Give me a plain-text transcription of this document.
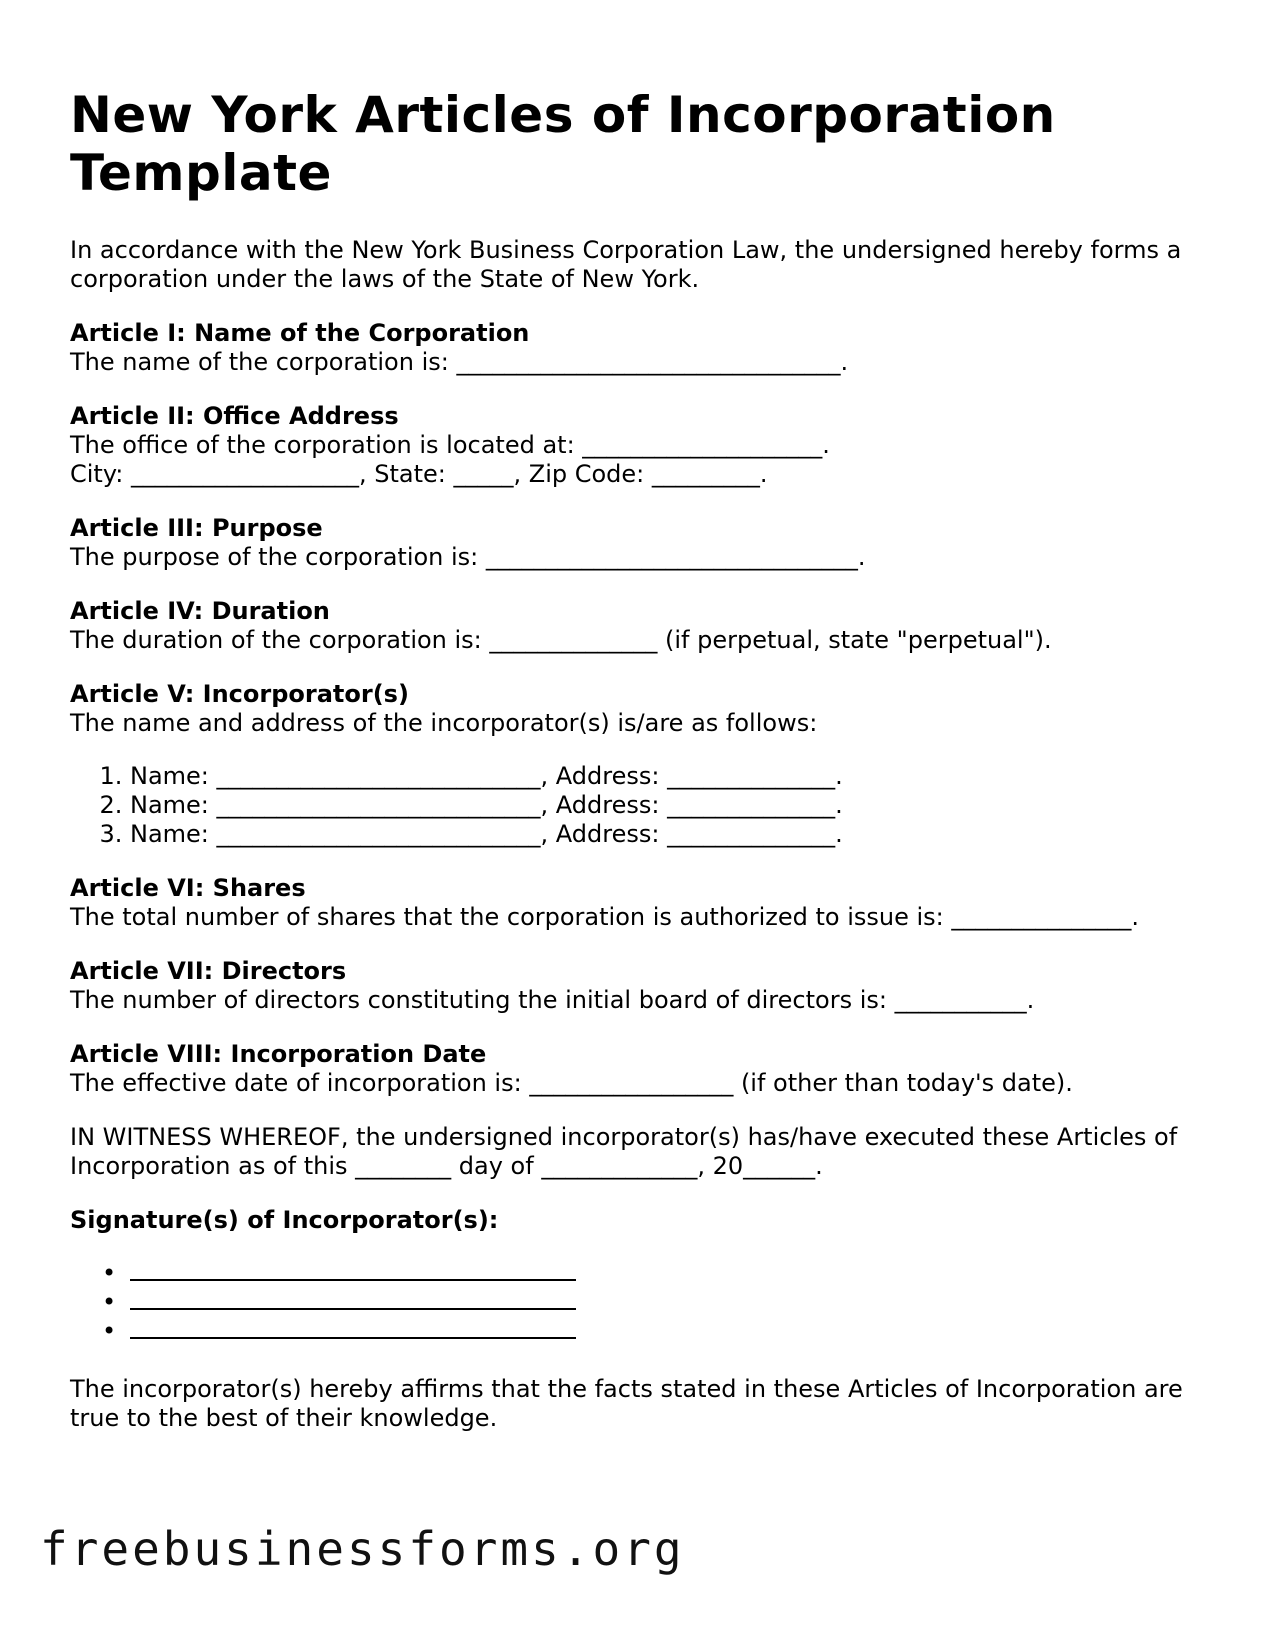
New York Articles of Incorporation Template

In accordance with the New York Business Corporation Law, the undersigned hereby forms a corporation under the laws of the State of New York.

Article I: Name of the Corporation
The name of the corporation is: ________________________________.
Article II: Office Address
The office of the corporation is located at: ____________________.
City: ___________________, State: _____, Zip Code: _________.
Article III: Purpose
The purpose of the corporation is: _______________________________.
Article IV: Duration
The duration of the corporation is: ______________ (if perpetual, state "perpetual").
Article V: Incorporator(s)
The name and address of the incorporator(s) is/are as follows:
1. Name: ___________________________, Address: ______________.
2. Name: ___________________________, Address: ______________.
3. Name: ___________________________, Address: ______________.
Article VI: Shares
The total number of shares that the corporation is authorized to issue is: _______________.
Article VII: Directors
The number of directors constituting the initial board of directors is: ___________.
Article VIII: Incorporation Date
The effective date of incorporation is: _________________ (if other than today's date).

IN WITNESS WHEREOF, the undersigned incorporator(s) has/have executed these Articles of Incorporation as of this ________ day of _____________, 20______.

Signature(s) of Incorporator(s):
•
•
•

The incorporator(s) hereby affirms that the facts stated in these Articles of Incorporation are true to the best of their knowledge.

freebusinessforms.org
